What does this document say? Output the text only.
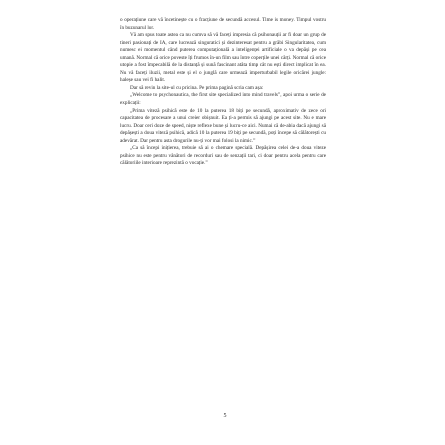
o operațiune care vă încetinește cu o fracțiune de secundă accesul. Time is money. Timpul vostru în buzunarul lor.

Vă am spus toate astea ca nu cumva să vă faceți impresia că psihonauții ar fi doar un grup de tineri pasionați de IA, care lucrează singuratici și dezinteresat pentru a grăbi Singularitatea, cum numesc ei momentul când puterea computațională a inteligenței artificiale o va depăși pe cea umană. Normal că orice poveste îți frumos în-un film sau între coperțile unei cărți. Normal că orice utopie a fost împecabilă de la distanță și sună fascinant atâta timp cât nu ești direct implicat în ea. Nu vă faceți iluzii, metal este și el o junglă care urmează imperturbabil legile oricărei jungle: haleșe sau vei fi halit.

Dar să revin la site-ul cu pricina. Pe prima pagină scria cam așa:

„Welcome to psychonautica, the first site specialized into mind travels”, apoi urma o serie de explicații:

„Prima viteză psihică este de 10 la puterea 18 biți pe secundă, aproximativ de zece ori capacitatea de procesare a unui creier obișnuit. Ea ți-a permis să ajungi pe acest site. Nu e mare lucru. Doar ceri doze de speed, niște reflexe bune și lucru-ce aici. Numai că de-abia dacă ajungi să depășești a doua viteză psihică, adică 10 la puterea 19 biți pe secundă, poți începe să călătorești cu adevărat. Dar pentru asta drogurile nu-ți vor mai folosi la nimic.”

„Ca să începi inițierea, trebuie să ai o chemare specială. Depășirea celei de-a doua viteze psihice nu este pentru vânători de recorduri sau de senzații tari, ci doar pentru acela pentru care călătoriile interioare reprezintă o vocație.”

5
